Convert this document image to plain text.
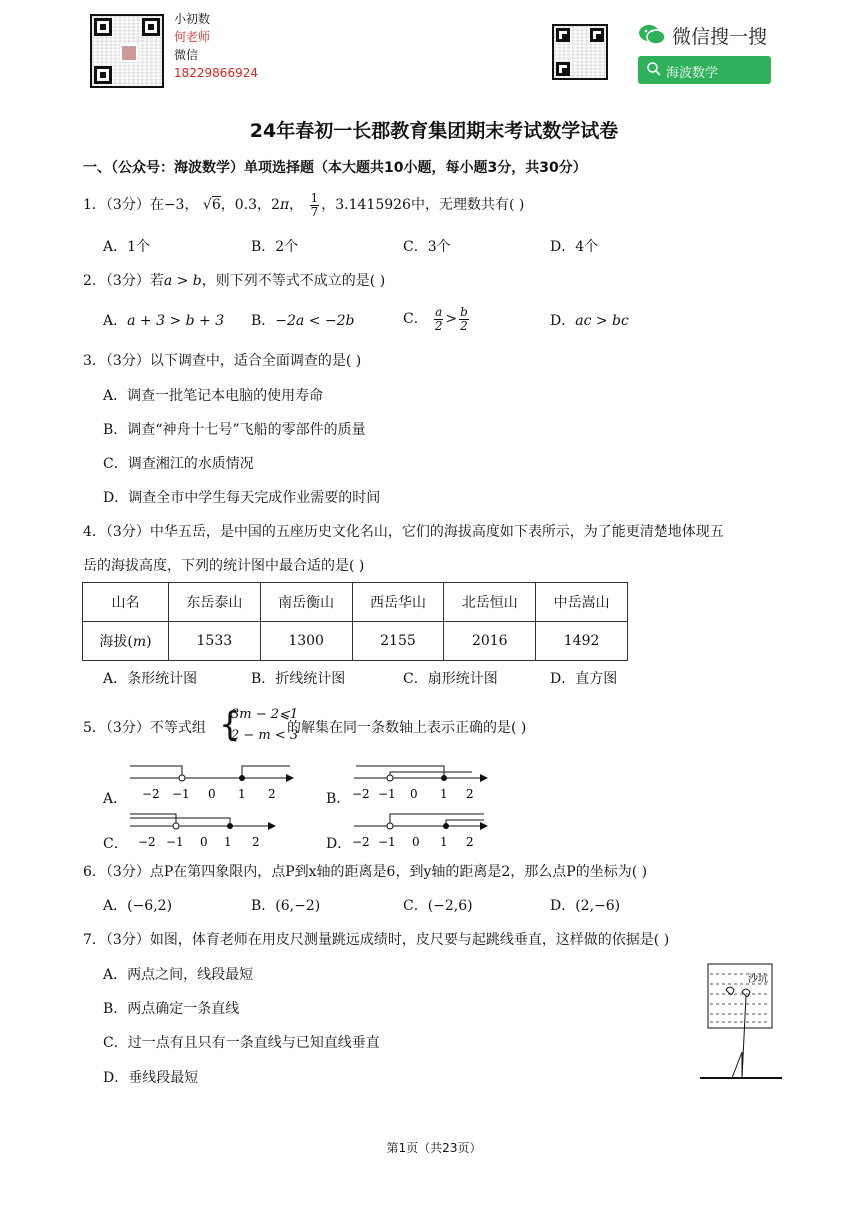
小初数
何老师
微信
18229866924
微信搜一搜
海波数学
24年春初一长郡教育集团期末考试数学试卷
一、（公众号：海波数学）单项选择题（本大题共10小题，每小题3分，共30分）
1．（3分）在−3， √6，0.3，2π， $\frac{1}{7}$ ，3.1415926中，无理数共有( )
A．1个	B．2个	C．3个	D．4个
2．（3分）若a > b，则下列不等式不成立的是( )
A．a + 3 > b + 3 B．−2a < −2b	C． $\frac{a}{2} > \frac{b}{2}$	D．ac > bc
3．（3分）以下调查中，适合全面调查的是( )
A．调查一批笔记本电脑的使用寿命
B．调查“神舟十七号”飞船的零部件的质量
C．调查湘江的水质情况
D．调查全市中学生每天完成作业需要的时间
4．（3分）中华五岳，是中国的五座历史文化名山，它们的海拔高度如下表所示，为了能更清楚地体现五
岳的海拔高度，下列的统计图中最合适的是( )
山名	东岳泰山	南岳衡山	西岳华山	北岳恒山	中岳嵩山
海拔(m)	1533	1300	2155	2016	1492
A．条形统计图	B．折线统计图	C．扇形统计图	D．直方图
5．（3分）不等式组 {
3m − 2⩽1
2 − m < 3
的解集在同一条数轴上表示正确的是( )
A．	B．
C．	D．
−2 −1 0 1 2	−2 −1 0 1 2
−2 −1 0 1 2	−2 −1 0 1 2
6．（3分）点P在第四象限内，点P到x轴的距离是6，到y轴的距离是2，那么点P的坐标为( )
A．(−6,2)	B．(6,−2)	C．(−2,6)	D．(2,−6)
7．（3分）如图，体育老师在用皮尺测量跳远成绩时，皮尺要与起跳线垂直，这样做的依据是( )
A．两点之间，线段最短
B．两点确定一条直线
C．过一点有且只有一条直线与已知直线垂直
D．垂线段最短
沙坑
第1页（共23页）
